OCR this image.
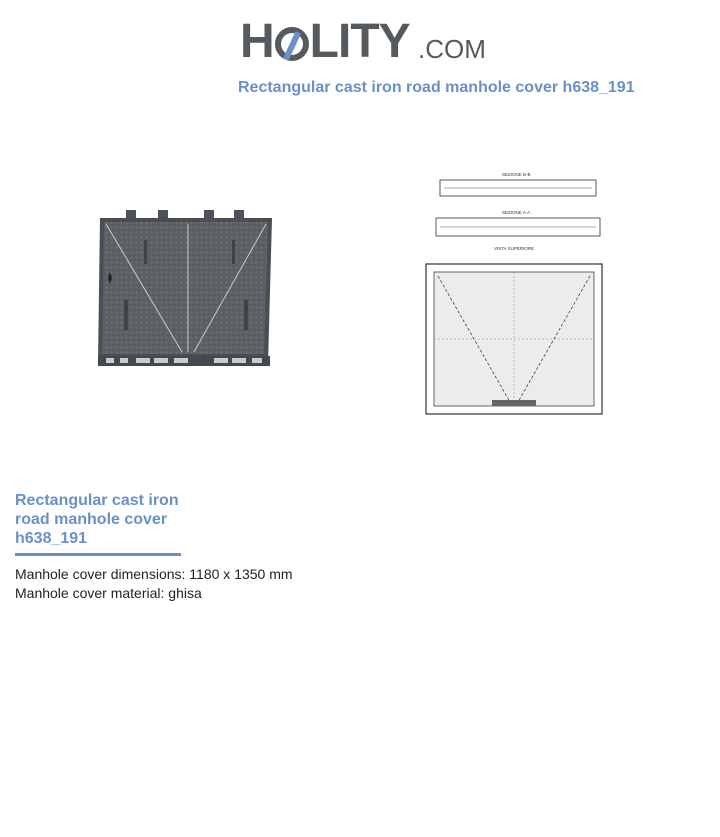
H LITY .COM
Rectangular cast iron road manhole cover h638_191
SEZIONE B-B
SEZIONE A-A
VISTA SUPERIORE
Rectangular cast iron road manhole cover h638_191
Manhole cover dimensions: 1180 x 1350 mm
Manhole cover material: ghisa
